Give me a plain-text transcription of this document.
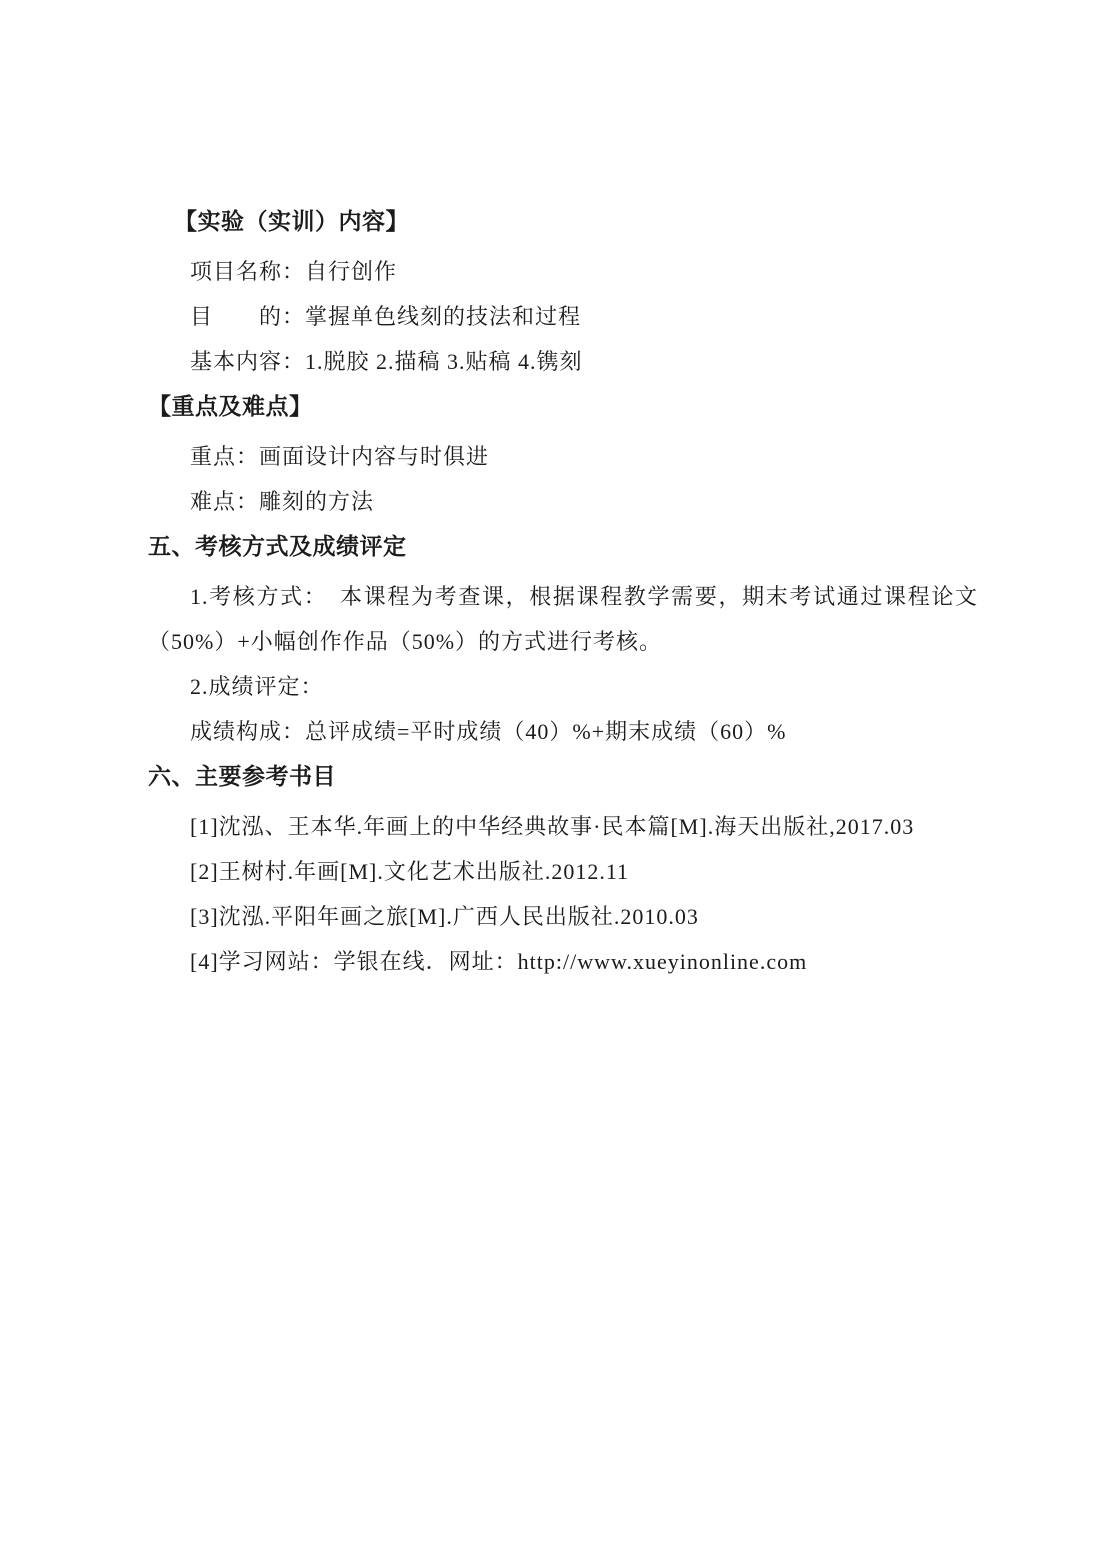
【实验（实训）内容】
项目名称：自行创作
目　　的：掌握单色线刻的技法和过程
基本内容：1.脱胶 2.描稿 3.贴稿 4.镌刻
【重点及难点】
重点：画面设计内容与时俱进
难点：雕刻的方法
五、考核方式及成绩评定
1.考核方式：　本课程为考查课，根据课程教学需要，期末考试通过课程论文
（50%）+小幅创作作品（50%）的方式进行考核。
2.成绩评定：
成绩构成：总评成绩=平时成绩（40）%+期末成绩（60）%
六、主要参考书目
[1]沈泓、王本华.年画上的中华经典故事·民本篇[M].海天出版社,2017.03
[2]王树村.年画[M].文化艺术出版社.2012.11
[3]沈泓.平阳年画之旅[M].广西人民出版社.2010.03
[4]学习网站：学银在线．网址：http://www.xueyinonline.com
